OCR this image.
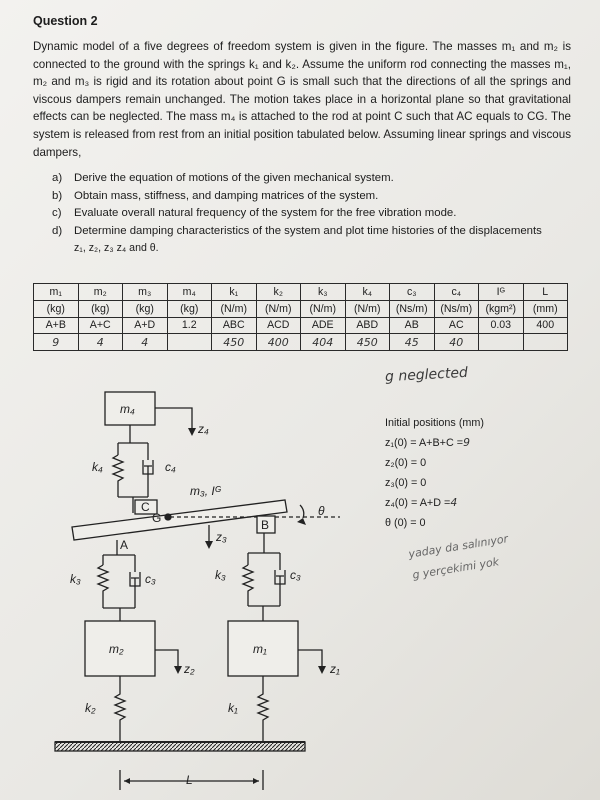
Question 2
Dynamic model of a five degrees of freedom system is given in the figure. The masses m₁ and m₂ is connected to the ground with the springs k₁ and k₂. Assume the uniform rod connecting the masses m₁, m₂ and m₃ is rigid and its rotation about point G is small such that the directions of all the springs and viscous dampers remain unchanged. The motion takes place in a horizontal plane so that gravitational effects can be neglected. The mass m₄ is attached to the rod at point C such that AC equals to CG. The system is released from rest from an initial position tabulated below. Assuming linear springs and viscous dampers,
a)	Derive the equation of motions of the given mechanical system.
b)	Obtain mass, stiffness, and damping matrices of the system.
c)	Evaluate overall natural frequency of the system for the free vibration mode.
d)	Determine damping characteristics of the system and plot time histories of the displacements
z₁, z₂, z₃ z₄ and θ.
m₁	m₂	m₃	m₄	k₁	k₂	k₃	k₄	c₃	c₄	Iᴳ	L
(kg)	(kg)	(kg)	(kg)	(N/m)	(N/m)	(N/m)	(N/m)	(Ns/m)	(Ns/m)	(kgm²)	(mm)
A+B	A+C	A+D	1.2	ABC	ACD	ADE	ABD	AB	AC	0.03	400
9	4	4		450	400	404	450	45	40		
g neglected
Initial positions (mm)
z₁(0) = A+B+C =9
z₂(0) = 0
z₃(0) = 0
z₄(0) = A+D =4
θ (0) = 0
yaday da salınıyor
g yerçekimi yok
m₄
z₄
k₄	c₄
m₃, Iᴳ
C
G	θ
z₃
A
B
k₃	c₃	k₃	c₃
m₂
z₂
m₁
z₁
k₂	k₁
L
